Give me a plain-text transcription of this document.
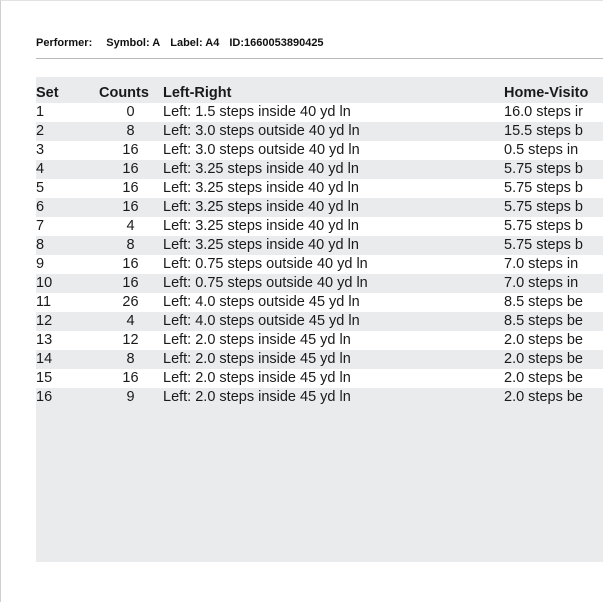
Performer: Symbol: A Label: A4 ID:1660053890425
Set	Counts	Left-Right	Home-Visito
1	0	Left: 1.5 steps inside 40 yd ln	16.0 steps ir
2	8	Left: 3.0 steps outside 40 yd ln	15.5 steps b
3	16	Left: 3.0 steps outside 40 yd ln	0.5 steps in
4	16	Left: 3.25 steps inside 40 yd ln	5.75 steps b
5	16	Left: 3.25 steps inside 40 yd ln	5.75 steps b
6	16	Left: 3.25 steps inside 40 yd ln	5.75 steps b
7	4	Left: 3.25 steps inside 40 yd ln	5.75 steps b
8	8	Left: 3.25 steps inside 40 yd ln	5.75 steps b
9	16	Left: 0.75 steps outside 40 yd ln	7.0 steps in
10	16	Left: 0.75 steps outside 40 yd ln	7.0 steps in
11	26	Left: 4.0 steps outside 45 yd ln	8.5 steps be
12	4	Left: 4.0 steps outside 45 yd ln	8.5 steps be
13	12	Left: 2.0 steps inside 45 yd ln	2.0 steps be
14	8	Left: 2.0 steps inside 45 yd ln	2.0 steps be
15	16	Left: 2.0 steps inside 45 yd ln	2.0 steps be
16	9	Left: 2.0 steps inside 45 yd ln	2.0 steps be
